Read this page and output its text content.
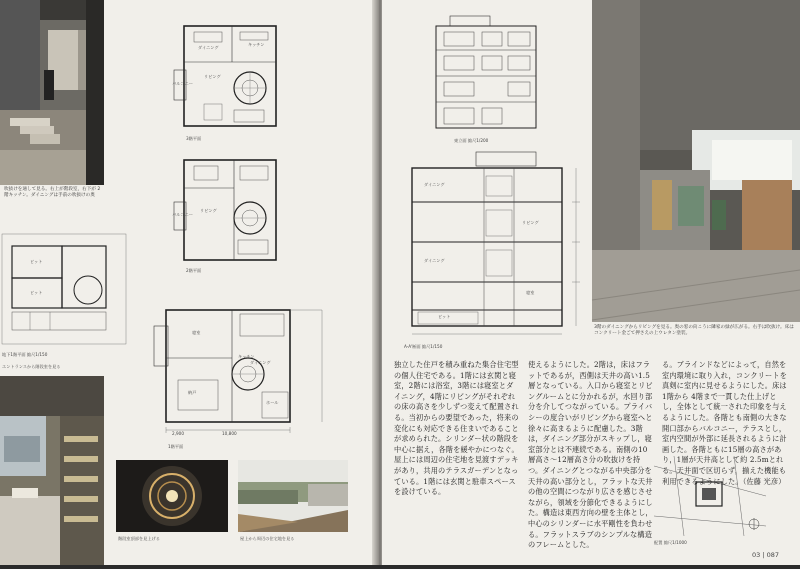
吹抜けを通して見る。右上が階段室，右下が 2階キッチン。ダイニングは手前の吹抜けの奥
ダイニング
キッチン
リビング
バルコニー
3階平面
リビング
バルコニー
2階平面
ピット
ピット
地下1階平面 縮尺1/150
エントランスから階段室を見る
寝室
キッチン
ダイニング
ホール
納戸
2,900	10,800
1階平面
階段室頂部を見上げる	屋上から周辺の住宅地を見る
東立面 縮尺1/200
ダイニング
リビング
ダイニング
寝室
ピット
A-A'断面 縮尺1/150
3階のダイニングからリビングを見る。奥の窓の向こうに隣家の緑が広がる。右手は吹抜け。床はコンクリート金ごて押さえの上ウレタン塗装。

独立した住戸を積み重ねた集合住宅型の個人住宅である。1階には玄関と寝室，2階には浴室，3階には寝室とダイニング，4階にリビングがそれぞれの床の高さを少しずつ変えて配置される。当初からの要望であった，将来の変化にも対応できる住まいであることが求められた。シリンダー状の階段を中心に据え，各階を緩やかにつなぐ。屋上には周辺の住宅地を見渡すデッキがあり，共用のテラスガーデンとなっている。1階には玄関と駐車スペースを設けている。

使えるようにした。2階は，床はフラットであるが，西側は天井の高い1.5層となっている。入口から寝室とリビングルームとに分かれるが，水回り部分を介してつながっている。プライバシーの度合いがリビングから寝室へと徐々に高まるように配慮した。3階は，ダイニング部分がスキップし，寝室部分とは不連続である。南側の10層高さ〜12層高さ分の吹抜けを持つ。ダイニングとつながる中央部分を天井の高い部分とし，フラットな天井の他の空間につながり広さを感じさせながら，領域を分節化できるようにした。構造は東西方向の壁を主体とし，中心のシリンダーに水平剛性を負わせる。フラットスラブのシンプルな構造のフレームとした。

る。ブラインドなどによって，自然を室内環境に取り入れ，コンクリートを真剣に室内に見せるようにした。床は 1階から 4階まで一貫した仕上げとし，全体として統一された印象を与えるようにした。各階とも南側の大きな開口部からバルコニー，テラスとし，室内空間が外部に延長されるように計画した。各階ともに15層の高さがあり，1層が天井高として約 2.5mとれる。天井面で区切らず，揃えた機能も利用できるようにした。（佐藤 光彦）

配置 縮尺1/1000
03 | 087
